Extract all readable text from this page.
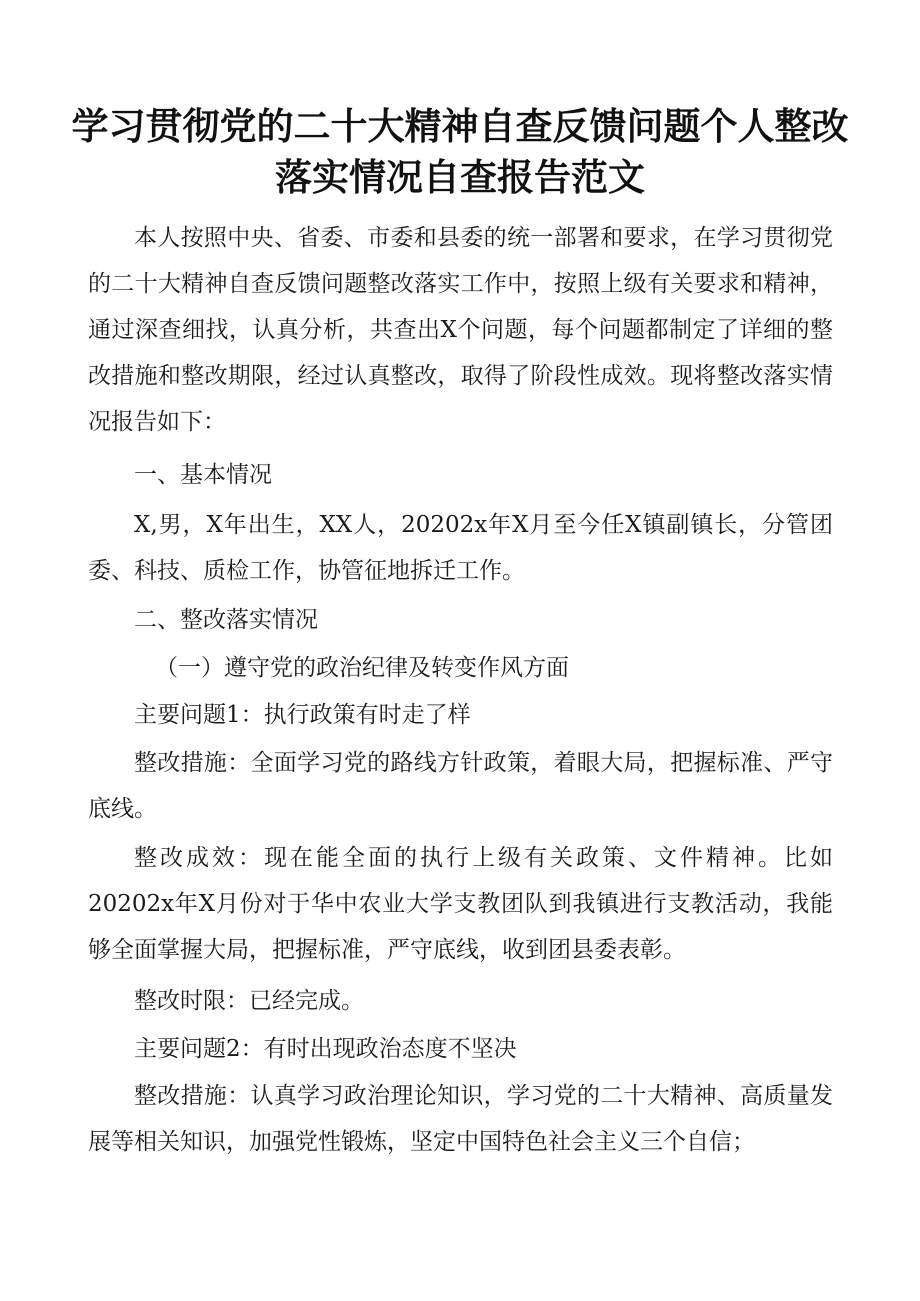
学习贯彻党的二十大精神自查反馈问题个人整改
落实情况自查报告范文

本人按照中央、省委、市委和县委的统一部署和要求，在学习贯彻党的二十大精神自查反馈问题整改落实工作中，按照上级有关要求和精神，通过深查细找，认真分析，共查出X个问题，每个问题都制定了详细的整改措施和整改期限，经过认真整改，取得了阶段性成效。现将整改落实情况报告如下：

一、基本情况

X,男，X年出生，XX人，20202x年X月至今任X镇副镇长，分管团委、科技、质检工作，协管征地拆迁工作。

二、整改落实情况

（一）遵守党的政治纪律及转变作风方面

主要问题1：执行政策有时走了样

整改措施：全面学习党的路线方针政策，着眼大局，把握标准、严守底线。

整改成效：现在能全面的执行上级有关政策、文件精神。比如20202x年X月份对于华中农业大学支教团队到我镇进行支教活动，我能够全面掌握大局，把握标准，严守底线，收到团县委表彰。

整改时限：已经完成。

主要问题2：有时出现政治态度不坚决

整改措施：认真学习政治理论知识，学习党的二十大精神、高质量发展等相关知识，加强党性锻炼，坚定中国特色社会主义三个自信；
